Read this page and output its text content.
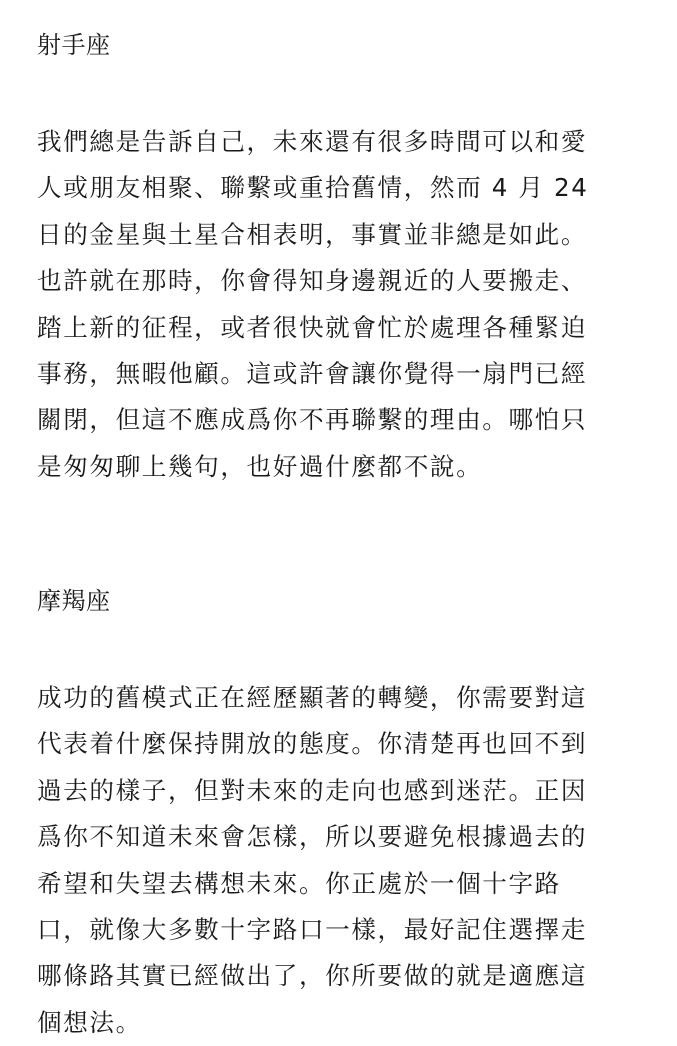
射手座

我們總是告訴自己，未來還有很多時間可以和愛
人或朋友相聚、聯繫或重拾舊情，然而 4 月 24
日的金星與土星合相表明，事實並非總是如此。
也許就在那時，你會得知身邊親近的人要搬走、
踏上新的征程，或者很快就會忙於處理各種緊迫
事務，無暇他顧。這或許會讓你覺得一扇門已經
關閉，但這不應成爲你不再聯繫的理由。哪怕只
是匆匆聊上幾句，也好過什麼都不說。

摩羯座

成功的舊模式正在經歷顯著的轉變，你需要對這
代表着什麼保持開放的態度。你清楚再也回不到
過去的樣子，但對未來的走向也感到迷茫。正因
爲你不知道未來會怎樣，所以要避免根據過去的
希望和失望去構想未來。你正處於一個十字路
口，就像大多數十字路口一樣，最好記住選擇走
哪條路其實已經做出了，你所要做的就是適應這
個想法。
